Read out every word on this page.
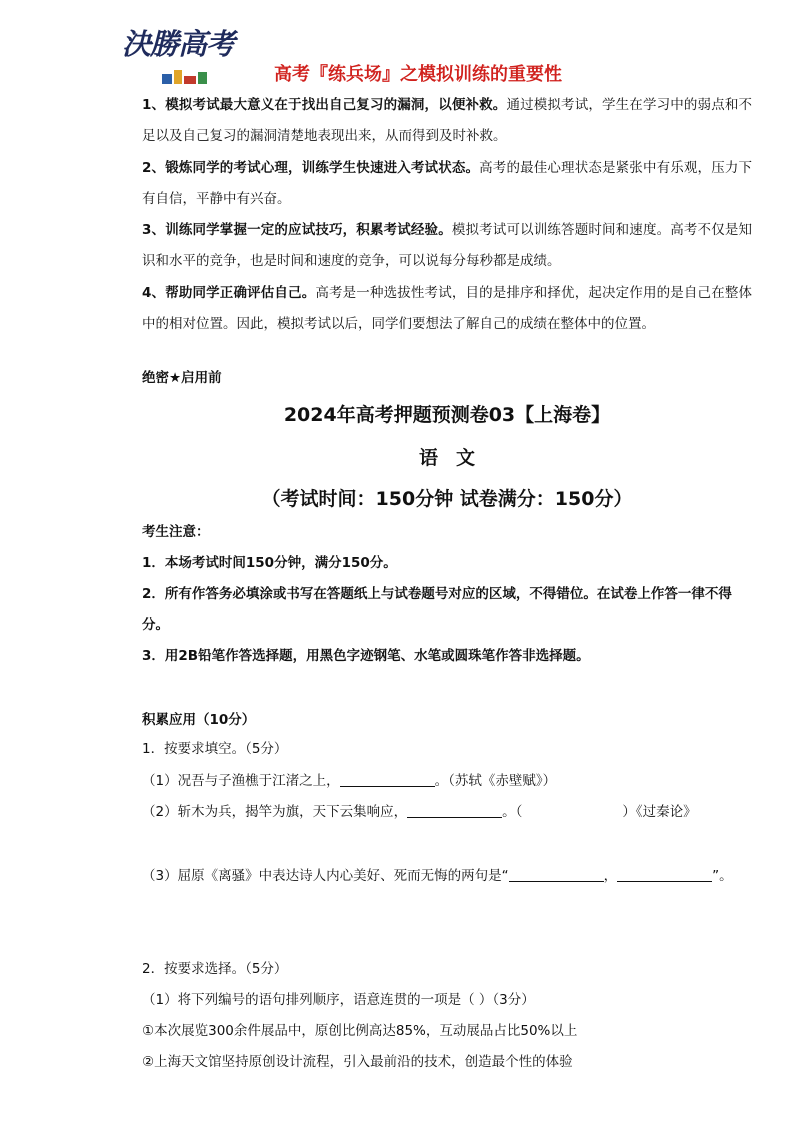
決勝高考
高考『练兵场』之模拟训练的重要性
1、模拟考试最大意义在于找出自己复习的漏洞，以便补救。通过模拟考试，学生在学习中的弱点和不足以及自己复习的漏洞清楚地表现出来，从而得到及时补救。
2、锻炼同学的考试心理，训练学生快速进入考试状态。高考的最佳心理状态是紧张中有乐观，压力下有自信，平静中有兴奋。
3、训练同学掌握一定的应试技巧，积累考试经验。模拟考试可以训练答题时间和速度。高考不仅是知识和水平的竞争，也是时间和速度的竞争，可以说每分每秒都是成绩。
4、帮助同学正确评估自己。高考是一种选拔性考试，目的是排序和择优，起决定作用的是自己在整体中的相对位置。因此，模拟考试以后，同学们要想法了解自己的成绩在整体中的位置。
绝密★启用前
2024年高考押题预测卷03【上海卷】
语文
（考试时间：150分钟 试卷满分：150分）
考生注意：
1．本场考试时间150分钟，满分150分。
2．所有作答务必填涂或书写在答题纸上与试卷题号对应的区域，不得错位。在试卷上作答一律不得分。
3．用2B铅笔作答选择题，用黑色字迹钢笔、水笔或圆珠笔作答非选择题。
积累应用（10分）
1．按要求填空。（5分）
（1）况吾与子渔樵于江渚之上，	。（苏轼《赤壁赋》）
（2）斩木为兵，揭竿为旗，天下云集响应，	。（	）《过秦论》
（3）屈原《离骚》中表达诗人内心美好、死而无悔的两句是“	，	”。
2．按要求选择。（5分）
（1）将下列编号的语句排列顺序，语意连贯的一项是（ ）（3分）
①本次展览300余件展品中，原创比例高达85%，互动展品占比50%以上
②上海天文馆坚持原创设计流程，引入最前沿的技术，创造最个性的体验
